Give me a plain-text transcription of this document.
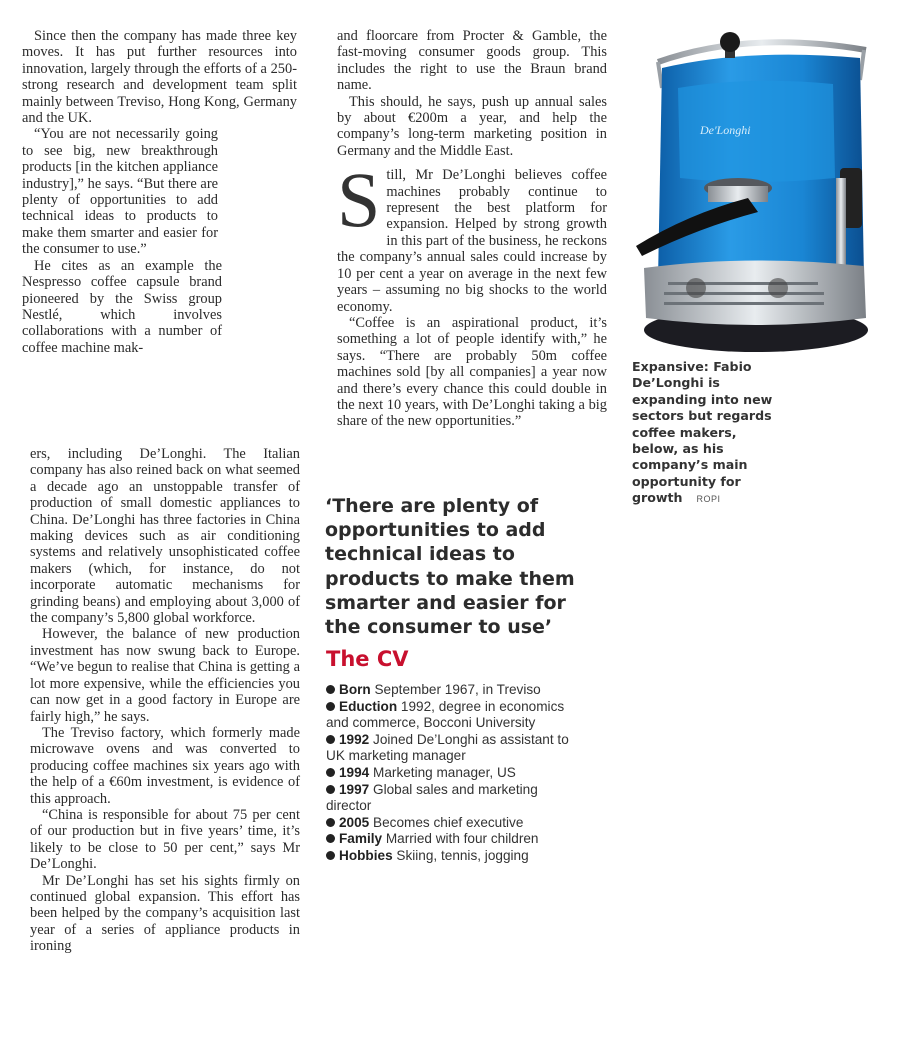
Since then the company has made three key moves. It has put further resources into innovation, largely through the efforts of a 250-strong research and development team split mainly between Treviso, Hong Kong, Germany and the UK.

“You are not necessarily going to see big, new breakthrough products [in the kitchen appliance industry],” he says. “But there are plenty of opportunities to add technical ideas to products to make them smarter and easier for the consumer to use.”

He cites as an example the Nespresso coffee capsule brand pioneered by the Swiss group Nestlé, which involves collaborations with a number of coffee machine mak-

ers, including De’Longhi. The Italian company has also reined back on what seemed a decade ago an unstoppable transfer of production of small domestic appliances to China. De’Longhi has three factories in China making devices such as air conditioning systems and relatively unsophisticated coffee makers (which, for instance, do not incorporate automatic mechanisms for grinding beans) and employing about 3,000 of the company’s 5,800 global workforce.

However, the balance of new production investment has now swung back to Europe. “We’ve begun to realise that China is getting a lot more expensive, while the efficiencies you can now get in a good factory in Europe are fairly high,” he says.

The Treviso factory, which formerly made microwave ovens and was converted to producing coffee machines six years ago with the help of a €60m investment, is evidence of this approach.

“China is responsible for about 75 per cent of our production but in five years’ time, it’s likely to be close to 50 per cent,” says Mr De’Longhi.

Mr De’Longhi has set his sights firmly on continued global expansion. This effort has been helped by the company’s acquisition last year of a series of appliance products in ironing

and floorcare from Procter & Gamble, the fast-moving consumer goods group. This includes the right to use the Braun brand name.

This should, he says, push up annual sales by about €200m a year, and help the company’s long-term marketing position in Germany and the Middle East.

S till, Mr De’Longhi believes coffee machines probably continue to represent the best platform for expansion. Helped by strong growth in this part of the business, he reckons the company’s annual sales could increase by 10 per cent a year on average in the next few years – assuming no big shocks to the world economy.

“Coffee is an aspirational product, it’s something a lot of people identify with,” he says. “There are probably 50m coffee machines sold [by all companies] a year now and there’s every chance this could double in the next 10 years, with De’Longhi taking a big share of the new opportunities.”

‘There are plenty of opportunities to add technical ideas to products to make them smarter and easier for the consumer to use’
The CV
Born September 1967, in Treviso
Eduction 1992, degree in economics and commerce, Bocconi University
1992 Joined De’Longhi as assistant to UK marketing manager
1994 Marketing manager, US
1997 Global sales and marketing director
2005 Becomes chief executive
Family Married with four children
Hobbies Skiing, tennis, jogging
De'Longhi
Expansive: Fabio De’Longhi is expanding into new sectors but regards coffee makers, below, as his company’s main opportunity for growth ROPI
